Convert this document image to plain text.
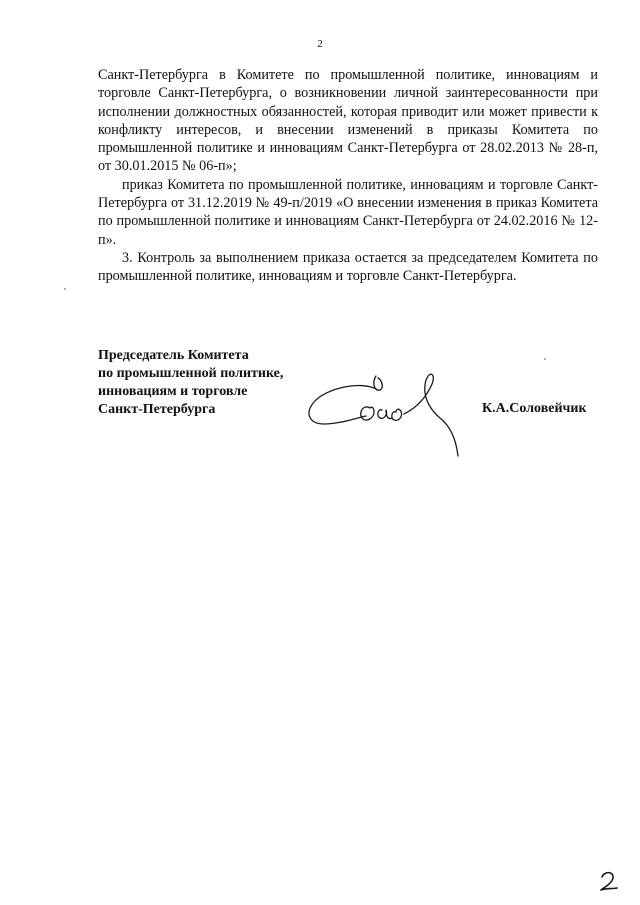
2

Санкт-Петербурга в Комитете по промышленной политике, инновациям и торговле Санкт-Петербурга, о возникновении личной заинтересованности при исполнении должностных обязанностей, которая приводит или может привести к конфликту интересов, и внесении изменений в приказы Комитета по промышленной политике и инновациям Санкт-Петербурга от 28.02.2013 № 28-п, от 30.01.2015 № 06-п»;

приказ Комитета по промышленной политике, инновациям и торговле Санкт-Петербурга от 31.12.2019 № 49-п/2019 «О внесении изменения в приказ Комитета по промышленной политике и инновациям Санкт-Петербурга от 24.02.2016 № 12-п».

3. Контроль за выполнением приказа остается за председателем Комитета по промышленной политике, инновациям и торговле Санкт-Петербурга.

Председатель Комитета
по промышленной политике,
инновациям и торговле
Санкт-Петербурга	К.А.Соловейчик
